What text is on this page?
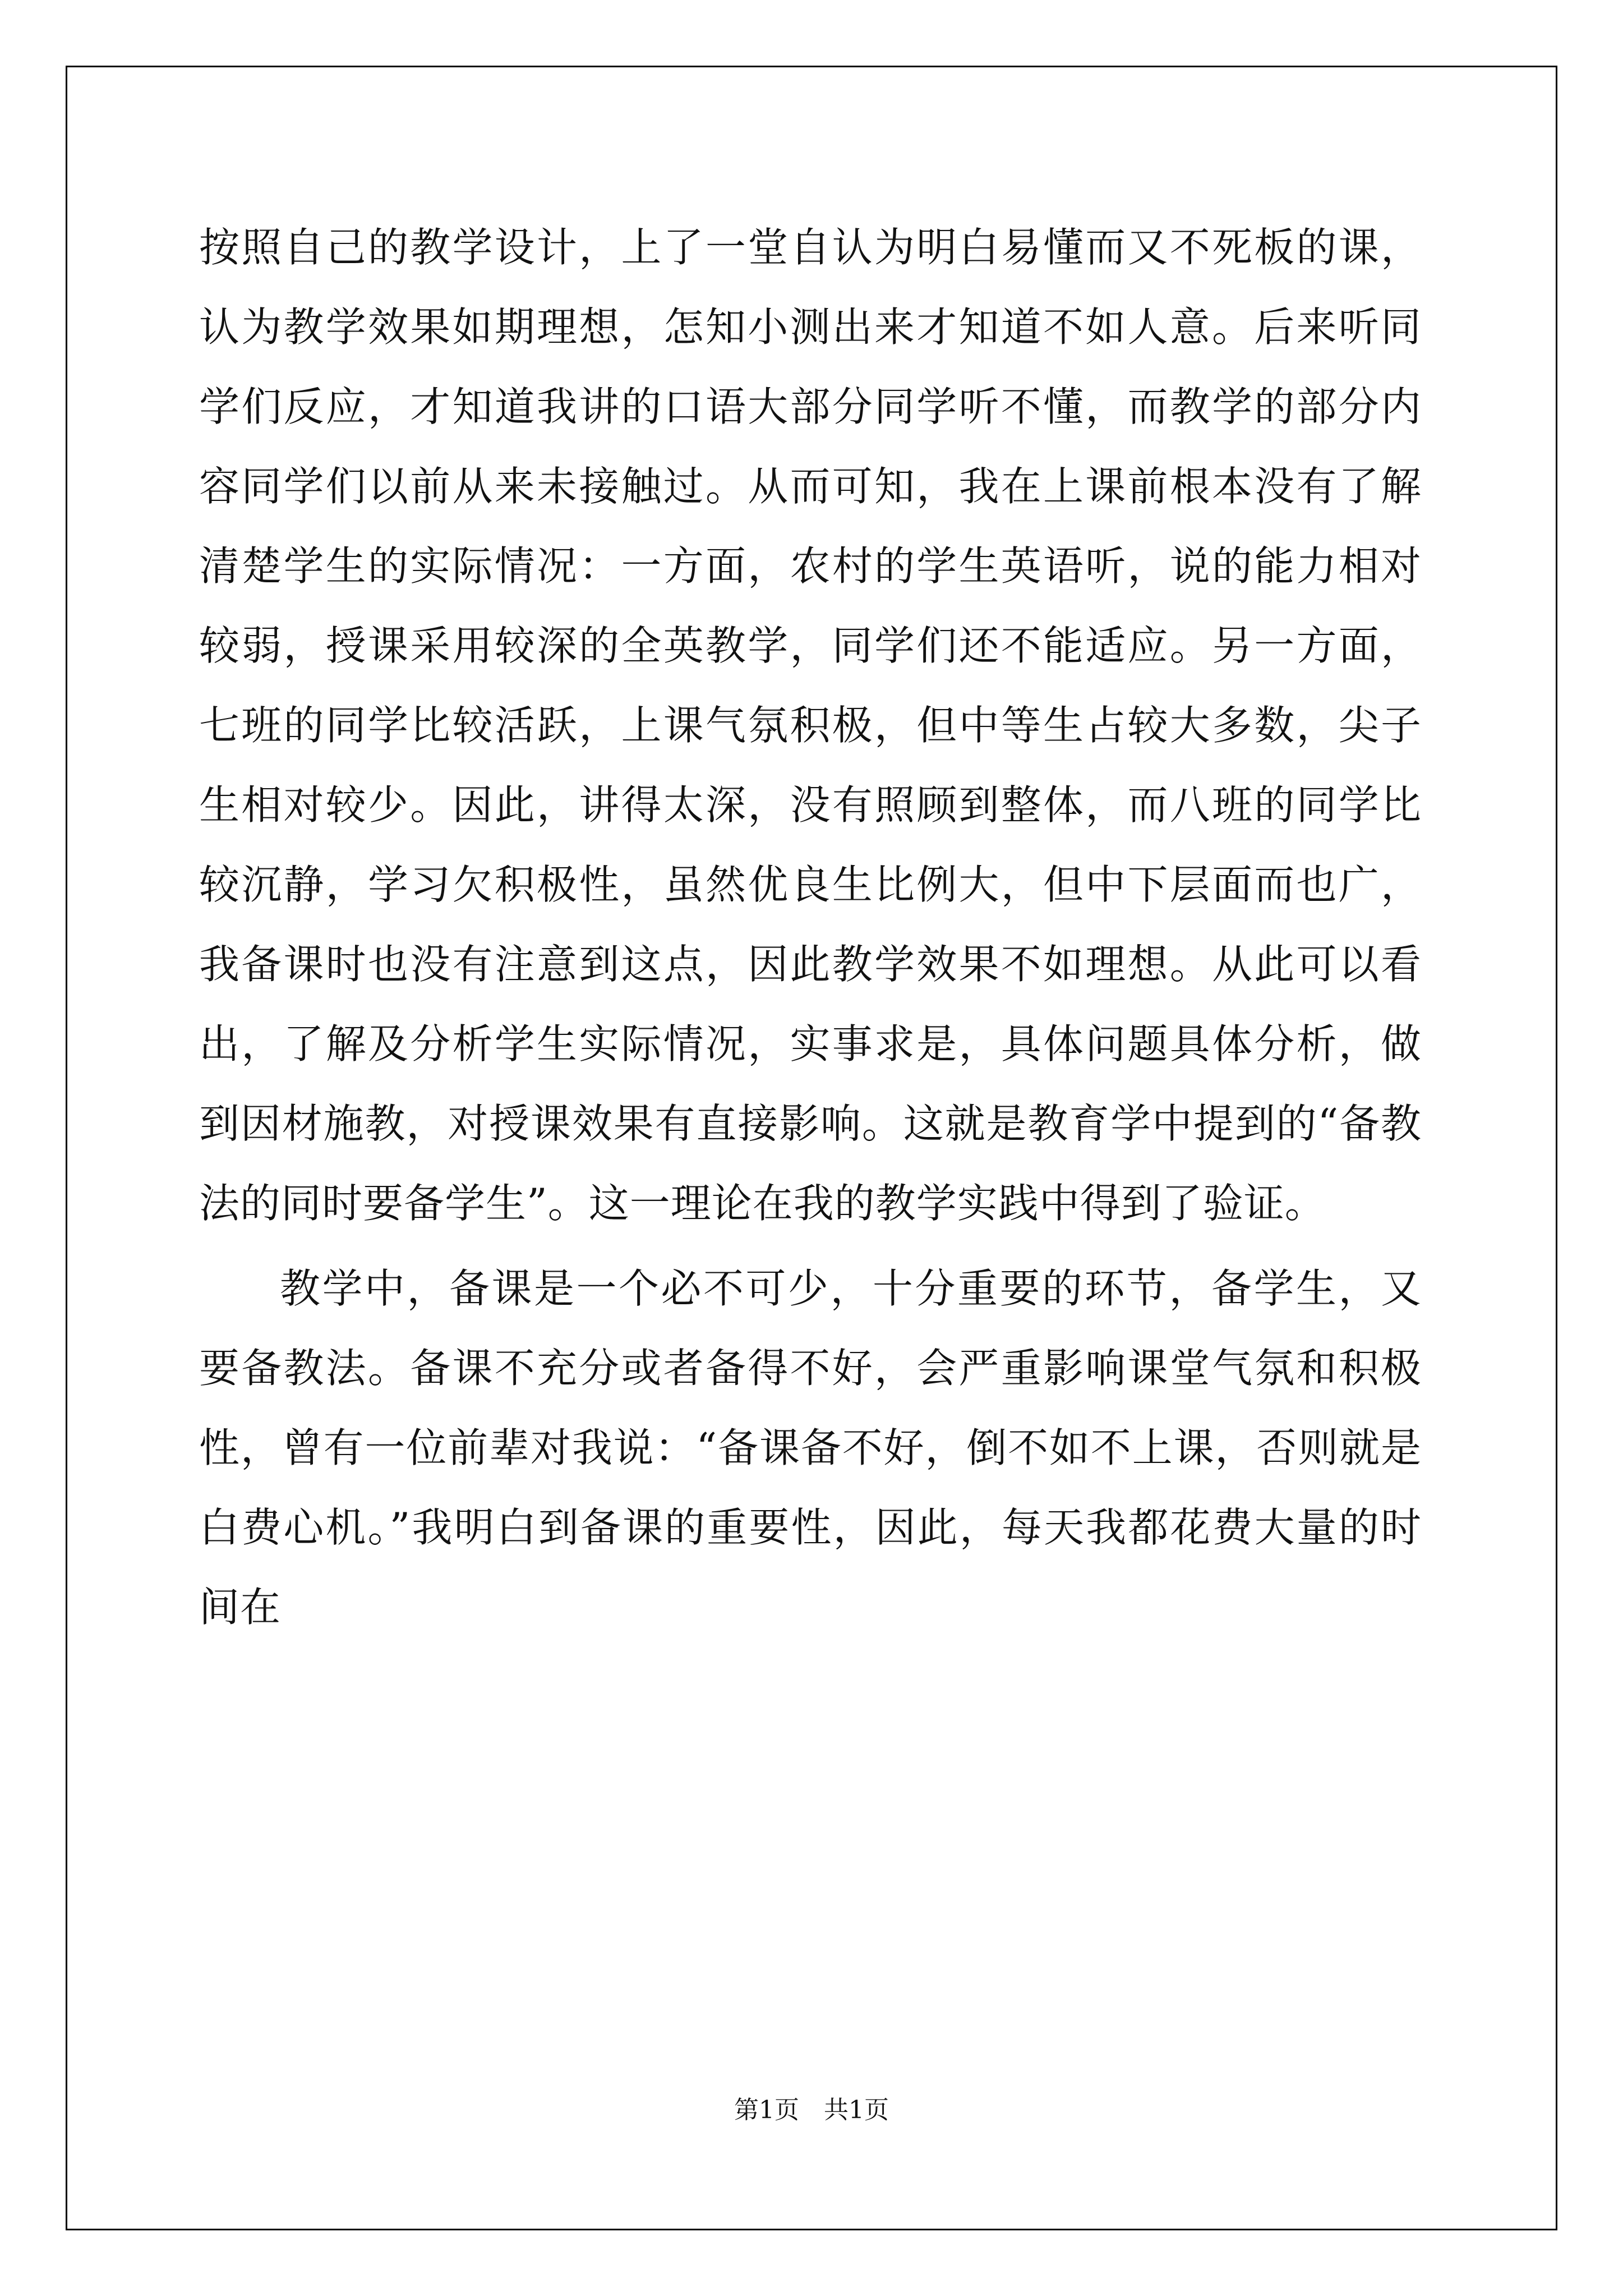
按照自己的教学设计，上了一堂自认为明白易懂而又不死板的课，认为教学效果如期理想，怎知小测出来才知道不如人意。后来听同学们反应，才知道我讲的口语大部分同学听不懂，而教学的部分内容同学们以前从来未接触过。从而可知，我在上课前根本没有了解清楚学生的实际情况：一方面，农村的学生英语听，说的能力相对较弱，授课采用较深的全英教学，同学们还不能适应。另一方面，七班的同学比较活跃，上课气氛积极，但中等生占较大多数，尖子生相对较少。因此，讲得太深，没有照顾到整体，而八班的同学比较沉静，学习欠积极性，虽然优良生比例大，但中下层面而也广，我备课时也没有注意到这点，因此教学效果不如理想。从此可以看出，了解及分析学生实际情况，实事求是，具体问题具体分析，做到因材施教，对授课效果有直接影响。这就是教育学中提到的“备教法的同时要备学生”。这一理论在我的教学实践中得到了验证。

教学中，备课是一个必不可少，十分重要的环节，备学生，又要备教法。备课不充分或者备得不好，会严重影响课堂气氛和积极性，曾有一位前辈对我说：“备课备不好，倒不如不上课，否则就是白费心机。”我明白到备课的重要性，因此，每天我都花费大量的时间在

第1页　共1页
